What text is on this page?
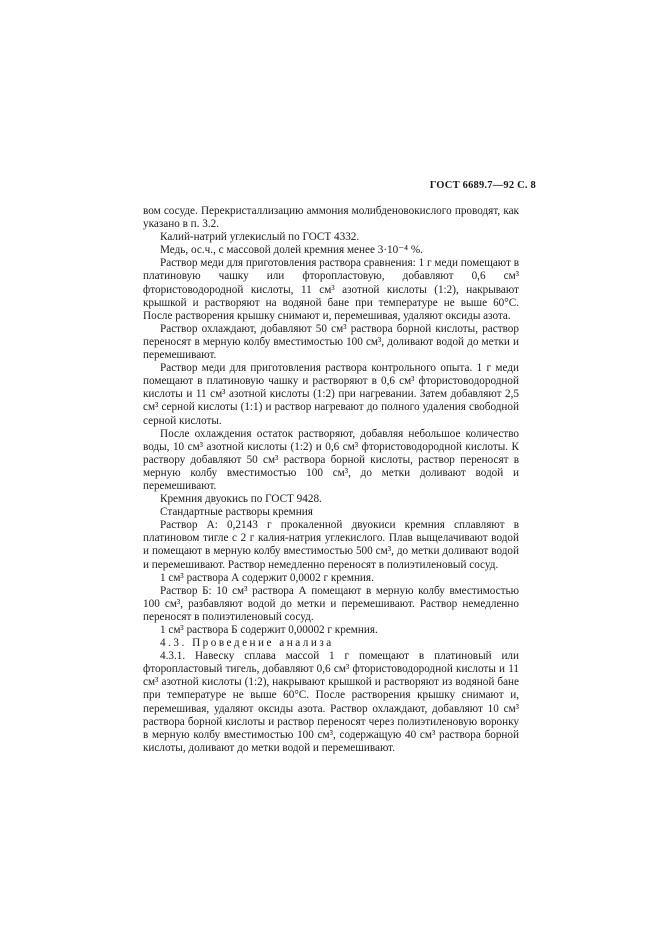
ГОСТ 6689.7—92 С. 8

вом сосуде. Перекристаллизацию аммония молибденовокислого проводят, как указано в п. 3.2.

Калий-натрий углекислый по ГОСТ 4332.

Медь, ос.ч., с массовой долей кремния менее 3·10⁻⁴ %.

Раствор меди для приготовления раствора сравнения: 1 г меди помещают в платиновую чашку или фторопластовую, добавляют 0,6 см³ фтористоводородной кислоты, 11 см³ азотной кислоты (1:2), накрывают крышкой и растворяют на водяной бане при температуре не выше 60°С. После растворения крышку снимают и, перемешивая, удаляют оксиды азота.

Раствор охлаждают, добавляют 50 см³ раствора борной кислоты, раствор переносят в мерную колбу вместимостью 100 см³, доливают водой до метки и перемешивают.

Раствор меди для приготовления раствора контрольного опыта. 1 г меди помещают в платиновую чашку и растворяют в 0,6 см³ фтористоводородной кислоты и 11 см³ азотной кислоты (1:2) при нагревании. Затем добавляют 2,5 см³ серной кислоты (1:1) и раствор нагревают до полного удаления свободной серной кислоты.

После охлаждения остаток растворяют, добавляя небольшое количество воды, 10 см³ азотной кислоты (1:2) и 0,6 см³ фтористоводородной кислоты. К раствору добавляют 50 см³ раствора борной кислоты, раствор переносят в мерную колбу вместимостью 100 см³, до метки доливают водой и перемешивают.

Кремния двуокись по ГОСТ 9428.

Стандартные растворы кремния

Раствор А: 0,2143 г прокаленной двуокиси кремния сплавляют в платиновом тигле с 2 г калия-натрия углекислого. Плав выщелачивают водой и помещают в мерную колбу вместимостью 500 см³, до метки доливают водой и перемешивают. Раствор немедленно переносят в полиэтиленовый сосуд.

1 см³ раствора А содержит 0,0002 г кремния.

Раствор Б: 10 см³ раствора А помещают в мерную колбу вместимостью 100 см³, разбавляют водой до метки и перемешивают. Раствор немедленно переносят в полиэтиленовый сосуд.

1 см³ раствора Б содержит 0,00002 г кремния.

4.3. Проведение анализа

4.3.1. Навеску сплава массой 1 г помещают в платиновый или фторопластовый тигель, добавляют 0,6 см³ фтористоводородной кислоты и 11 см³ азотной кислоты (1:2), накрывают крышкой и растворяют из водяной бане при температуре не выше 60°С. После растворения крышку снимают и, перемешивая, удаляют оксиды азота. Раствор охлаждают, добавляют 10 см³ раствора борной кислоты и раствор переносят через полиэтиленовую воронку в мерную колбу вместимостью 100 см³, содержащую 40 см³ раствора борной кислоты, доливают до метки водой и перемешивают.
